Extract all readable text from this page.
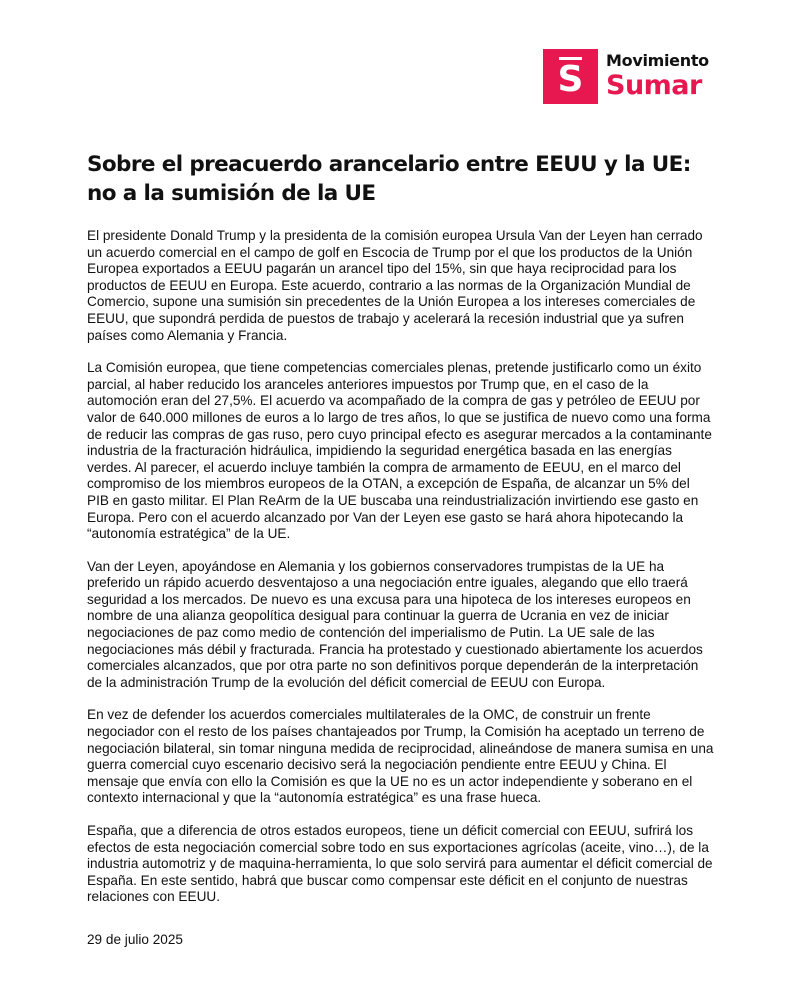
S Movimiento
Sumar
Sobre el preacuerdo arancelario entre EEUU y la UE:
no a la sumisión de la UE

El presidente Donald Trump y la presidenta de la comisión europea Ursula Van der Leyen han cerrado un acuerdo comercial en el campo de golf en Escocia de Trump por el que los productos de la Unión Europea exportados a EEUU pagarán un arancel tipo del 15%, sin que haya reciprocidad para los productos de EEUU en Europa. Este acuerdo, contrario a las normas de la Organización Mundial de Comercio, supone una sumisión sin precedentes de la Unión Europea a los intereses comerciales de EEUU, que supondrá perdida de puestos de trabajo y acelerará la recesión industrial que ya sufren países como Alemania y Francia.

La Comisión europea, que tiene competencias comerciales plenas, pretende justificarlo como un éxito parcial, al haber reducido los aranceles anteriores impuestos por Trump que, en el caso de la automoción eran del 27,5%. El acuerdo va acompañado de la compra de gas y petróleo de EEUU por valor de 640.000 millones de euros a lo largo de tres años, lo que se justifica de nuevo como una forma de reducir las compras de gas ruso, pero cuyo principal efecto es asegurar mercados a la contaminante industria de la fracturación hidráulica, impidiendo la seguridad energética basada en las energías verdes. Al parecer, el acuerdo incluye también la compra de armamento de EEUU, en el marco del compromiso de los miembros europeos de la OTAN, a excepción de España, de alcanzar un 5% del PIB en gasto militar. El Plan ReArm de la UE buscaba una reindustrialización invirtiendo ese gasto en Europa. Pero con el acuerdo alcanzado por Van der Leyen ese gasto se hará ahora hipotecando la “autonomía estratégica” de la UE.

Van der Leyen, apoyándose en Alemania y los gobiernos conservadores trumpistas de la UE ha preferido un rápido acuerdo desventajoso a una negociación entre iguales, alegando que ello traerá seguridad a los mercados. De nuevo es una excusa para una hipoteca de los intereses europeos en nombre de una alianza geopolítica desigual para continuar la guerra de Ucrania en vez de iniciar negociaciones de paz como medio de contención del imperialismo de Putin. La UE sale de las negociaciones más débil y fracturada. Francia ha protestado y cuestionado abiertamente los acuerdos comerciales alcanzados, que por otra parte no son definitivos porque dependerán de la interpretación de la administración Trump de la evolución del déficit comercial de EEUU con Europa.

En vez de defender los acuerdos comerciales multilaterales de la OMC, de construir un frente negociador con el resto de los países chantajeados por Trump, la Comisión ha aceptado un terreno de negociación bilateral, sin tomar ninguna medida de reciprocidad, alineándose de manera sumisa en una guerra comercial cuyo escenario decisivo será la negociación pendiente entre EEUU y China. El mensaje que envía con ello la Comisión es que la UE no es un actor independiente y soberano en el contexto internacional y que la “autonomía estratégica” es una frase hueca.

España, que a diferencia de otros estados europeos, tiene un déficit comercial con EEUU, sufrirá los efectos de esta negociación comercial sobre todo en sus exportaciones agrícolas (aceite, vino…), de la industria automotriz y de maquina-herramienta, lo que solo servirá para aumentar el déficit comercial de España. En este sentido, habrá que buscar como compensar este déficit en el conjunto de nuestras relaciones con EEUU.

29 de julio 2025
